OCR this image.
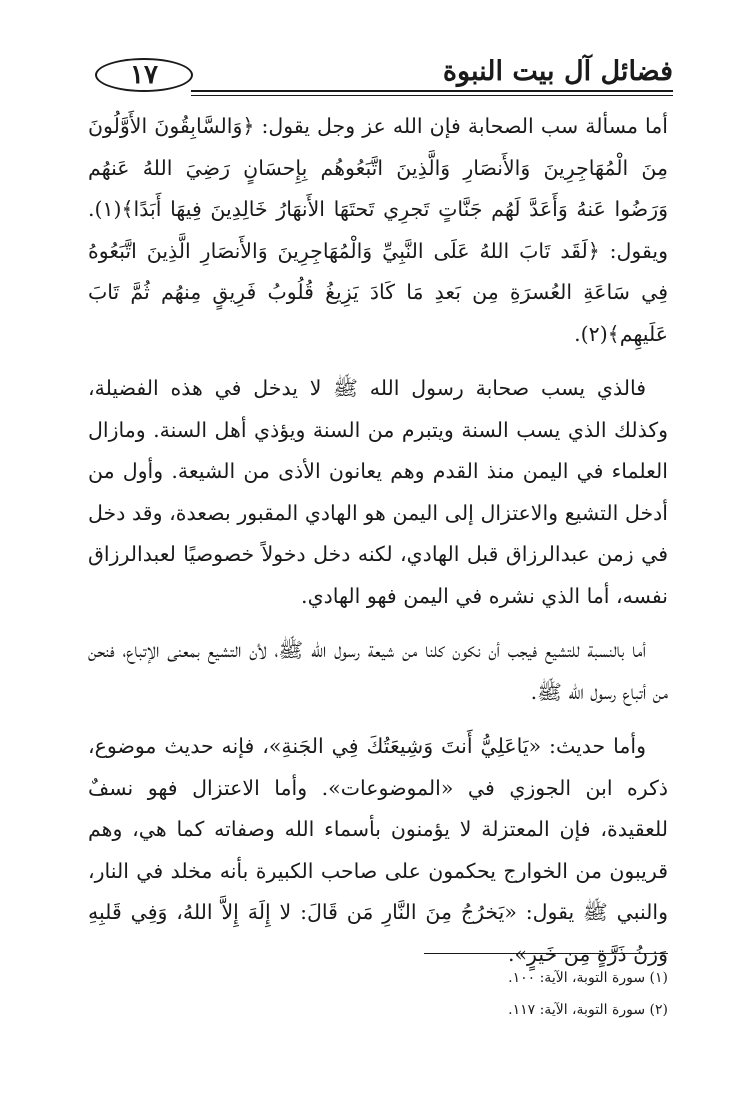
١٧	فضائل آل بيت النبوة

أما مسألة سب الصحابة فإن الله عز وجل يقول: ﴿وَالسَّابِقُونَ الأَوَّلُونَ مِنَ الْمُهَاجِرِينَ وَالأَنصَارِ وَالَّذِينَ اتَّبَعُوهُم بِإِحسَانٍ رَضِيَ اللهُ عَنهُم وَرَضُوا عَنهُ وَأَعَدَّ لَهُم جَنَّاتٍ تَجرِي تَحتَهَا الأَنهَارُ خَالِدِينَ فِيهَا أَبَدًا﴾(١). ويقول: ﴿لَقَد تَابَ اللهُ عَلَى النَّبِيِّ وَالْمُهَاجِرِينَ وَالأَنصَارِ الَّذِينَ اتَّبَعُوهُ فِي سَاعَةِ العُسرَةِ مِن بَعدِ مَا كَادَ يَزِيغُ قُلُوبُ فَرِيقٍ مِنهُم ثُمَّ تَابَ عَلَيهِم﴾(٢).

فالذي يسب صحابة رسول الله ﷺ لا يدخل في هذه الفضيلة، وكذلك الذي يسب السنة ويتبرم من السنة ويؤذي أهل السنة. ومازال العلماء في اليمن منذ القدم وهم يعانون الأذى من الشيعة. وأول من أدخل التشيع والاعتزال إلى اليمن هو الهادي المقبور بصعدة، وقد دخل في زمن عبدالرزاق قبل الهادي، لكنه دخل دخولاً خصوصيًا لعبدالرزاق نفسه، أما الذي نشره في اليمن فهو الهادي.

أما بالنسبة للتشيع فيجب أن نكون كلنا من شيعة رسول الله ﷺ، لأن التشيع بمعنى الإتباع، فنحن من أتباع رسول الله ﷺ.

وأما حديث: «يَاعَلِيُّ أَنتَ وَشِيعَتُكَ فِي الجَنةِ»، فإنه حديث موضوع، ذكره ابن الجوزي في «الموضوعات». وأما الاعتزال فهو نسفٌ للعقيدة، فإن المعتزلة لا يؤمنون بأسماء الله وصفاته كما هي، وهم قريبون من الخوارج يحكمون على صاحب الكبيرة بأنه مخلد في النار، والنبي ﷺ يقول: «يَخرُجُ مِنَ النَّارِ مَن قَالَ: لا إِلَهَ إِلاَّ اللهُ، وَفِي قَلبِهِ وَزنُ ذَرَّةٍ مِن خَيرٍ».

(١) سورة التوبة، الآية: ١٠٠.
(٢) سورة التوبة، الآية: ١١٧.
